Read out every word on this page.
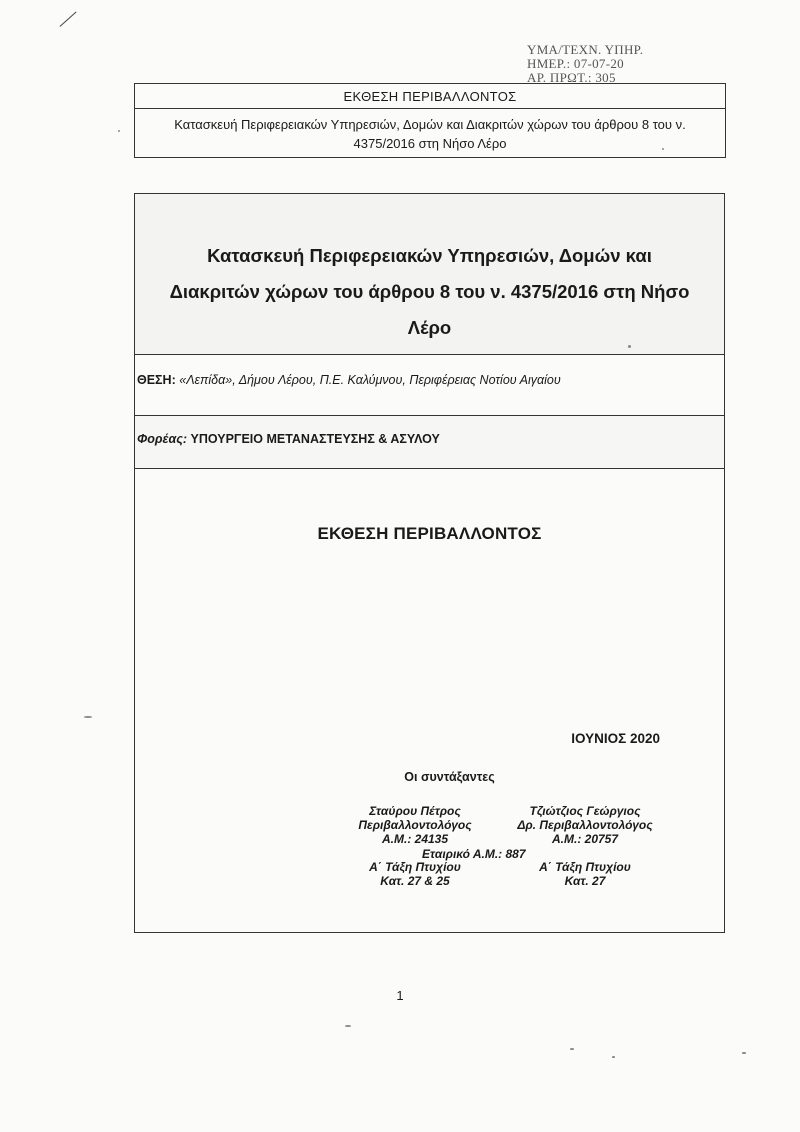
ΥΜΑ/ΤΕΧΝ. ΥΠΗΡ.
ΗΜΕΡ.: 07-07-20
ΑΡ. ΠΡΩΤ.: 305
ΕΚΘΕΣΗ ΠΕΡΙΒΑΛΛΟΝΤΟΣ
Κατασκευή Περιφερειακών Υπηρεσιών, Δομών και Διακριτών χώρων του άρθρου 8 του ν.
4375/2016 στη Νήσο Λέρο
Κατασκευή Περιφερειακών Υπηρεσιών, Δομών και
Διακριτών χώρων του άρθρου 8 του ν. 4375/2016 στη Νήσο
Λέρο
ΘΕΣΗ: «Λεπίδα», Δήμου Λέρου, Π.Ε. Καλύμνου, Περιφέρειας Νοτίου Αιγαίου
Φορέας: ΥΠΟΥΡΓΕΙΟ ΜΕΤΑΝΑΣΤΕΥΣΗΣ & ΑΣΥΛΟΥ
ΕΚΘΕΣΗ ΠΕΡΙΒΑΛΛΟΝΤΟΣ
ΙΟΥΝΙΟΣ 2020
Οι συντάξαντες
Σταύρου Πέτρος
Περιβαλλοντολόγος
Α.Μ.: 24135
Α΄ Τάξη Πτυχίου
Κατ. 27 & 25
Τζιώτζιος Γεώργιος
Δρ. Περιβαλλοντολόγος
Α.Μ.: 20757
Α΄ Τάξη Πτυχίου
Κατ. 27
Εταιρικό Α.Μ.: 887
1
